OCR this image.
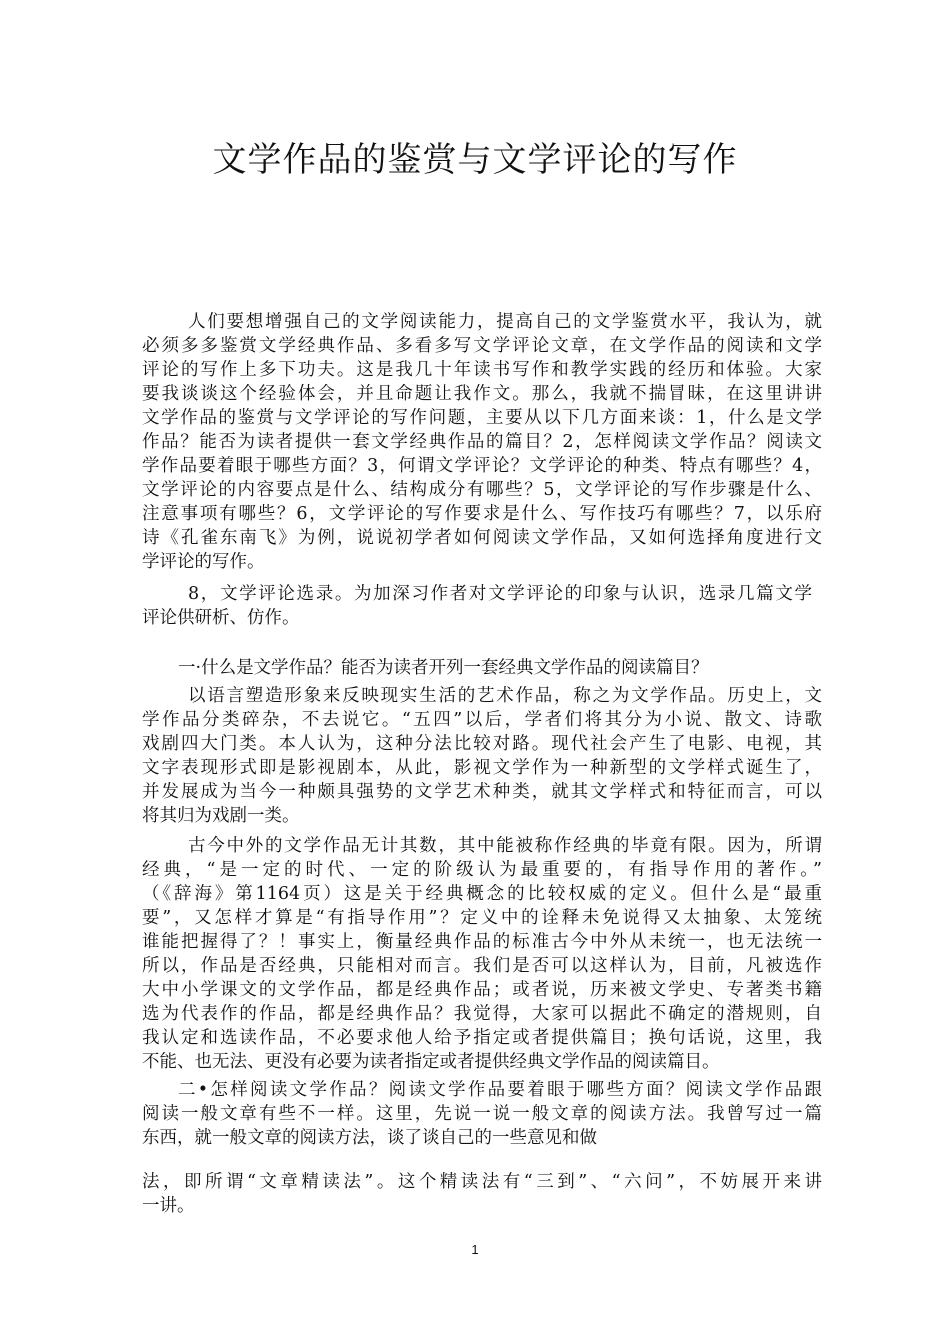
文学作品的鉴赏与文学评论的写作
人们要想增强自己的文学阅读能力，提高自己的文学鉴赏水平，我认为，就
必须多多鉴赏文学经典作品、多看多写文学评论文章，在文学作品的阅读和文学
评论的写作上多下功夫。这是我几十年读书写作和教学实践的经历和体验。大家
要我谈谈这个经验体会，并且命题让我作文。那么，我就不揣冒昧，在这里讲讲
文学作品的鉴赏与文学评论的写作问题，主要从以下几方面来谈：1，什么是文学
作品？能否为读者提供一套文学经典作品的篇目？2，怎样阅读文学作品？阅读文
学作品要着眼于哪些方面？3，何谓文学评论？文学评论的种类、特点有哪些？4，
文学评论的内容要点是什么、结构成分有哪些？5，文学评论的写作步骤是什么、
注意事项有哪些？6，文学评论的写作要求是什么、写作技巧有哪些？7，以乐府
诗《孔雀东南飞》为例，说说初学者如何阅读文学作品，又如何选择角度进行文
学评论的写作。
8，文学评论选录。为加深习作者对文学评论的印象与认识，选录几篇文学
评论供研析、仿作。
一·什么是文学作品？能否为读者开列一套经典文学作品的阅读篇目？
以语言塑造形象来反映现实生活的艺术作品，称之为文学作品。历史上，文
学作品分类碎杂，不去说它。“五四”以后，学者们将其分为小说、散文、诗歌
戏剧四大门类。本人认为，这种分法比较对路。现代社会产生了电影、电视，其
文字表现形式即是影视剧本，从此，影视文学作为一种新型的文学样式诞生了，
并发展成为当今一种颇具强势的文学艺术种类，就其文学样式和特征而言，可以
将其归为戏剧一类。
古今中外的文学作品无计其数，其中能被称作经典的毕竟有限。因为，所谓
经典，“是一定的时代、一定的阶级认为最重要的，有指导作用的著作。”
（《辞海》第1164页）这是关于经典概念的比较权威的定义。但什么是“最重
要”，又怎样才算是“有指导作用”？定义中的诠释未免说得又太抽象、太笼统
谁能把握得了？！事实上，衡量经典作品的标准古今中外从未统一，也无法统一
所以，作品是否经典，只能相对而言。我们是否可以这样认为，目前，凡被选作
大中小学课文的文学作品，都是经典作品；或者说，历来被文学史、专著类书籍
选为代表作的作品，都是经典作品？我觉得，大家可以据此不确定的潜规则，自
我认定和选读作品，不必要求他人给予指定或者提供篇目；换句话说，这里，我
不能、也无法、更没有必要为读者指定或者提供经典文学作品的阅读篇目。
二•怎样阅读文学作品？阅读文学作品要着眼于哪些方面？阅读文学作品跟
阅读一般文章有些不一样。这里，先说一说一般文章的阅读方法。我曾写过一篇
东西，就一般文章的阅读方法，谈了谈自己的一些意见和做
法，即所谓“文章精读法”。这个精读法有“三到”、“六问”，不妨展开来讲
一讲。
1
